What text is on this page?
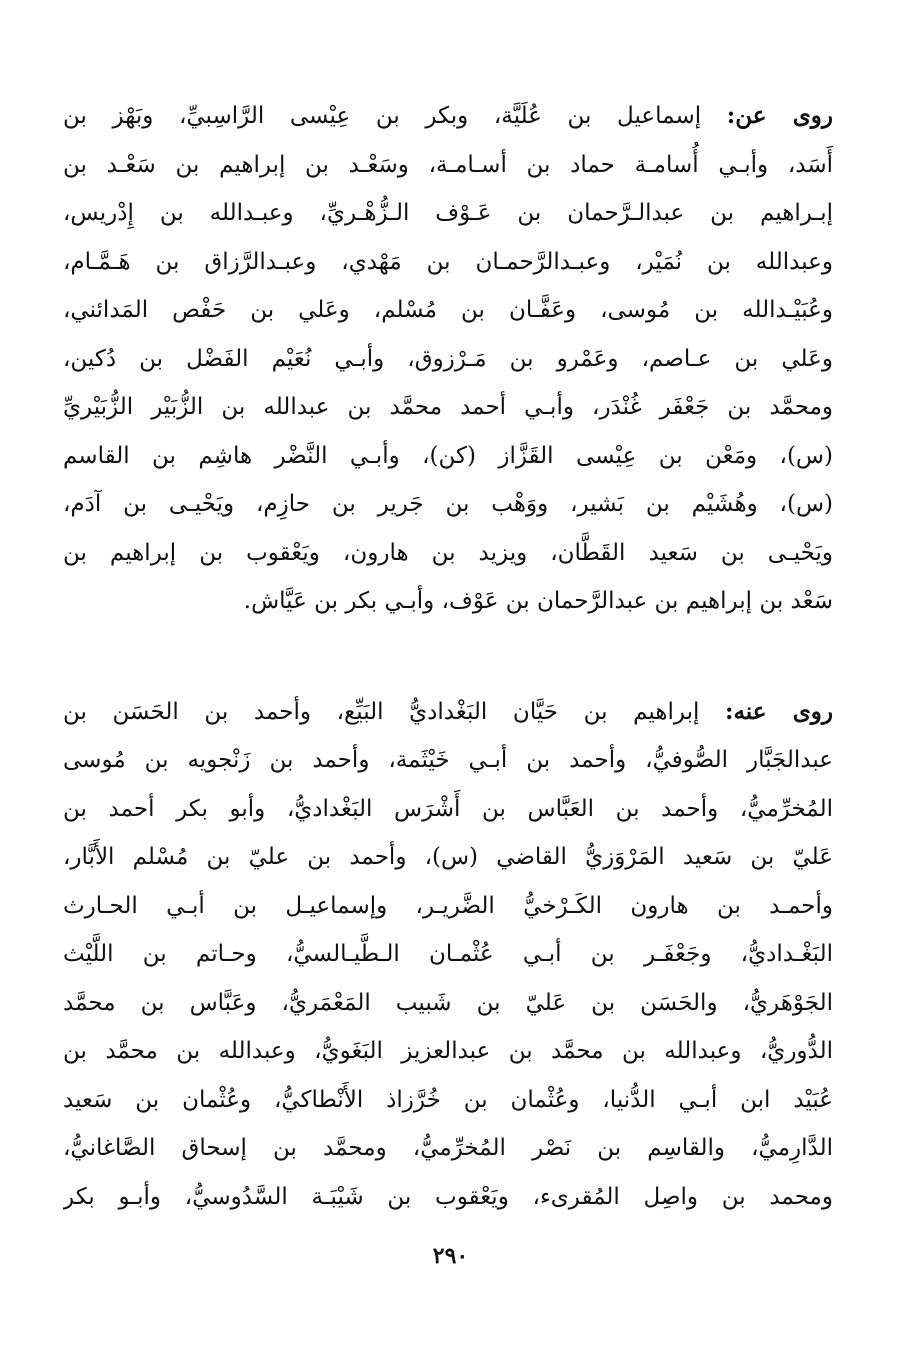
روى عن: إسماعيل بن عُلَيَّة، وبكر بن عِيْسى الرَّاسِبيِّ، وبَهْز بن
أَسَد، وأبـي أُسامـة حماد بن أسـامـة، وسَعْـد بن إبراهيم بن سَعْـد بن
إبـراهيم بن عبدالـرَّحمان بن عَـوْف الـزُّهْـريِّ، وعبـدالله بن إِدْريس،
وعبدالله بن نُمَيْر، وعبـدالرَّحمـان بن مَهْدي، وعبـدالرَّزاق بن هَـمَّـام،
وعُبَيْـدالله بن مُوسى، وعَفَّـان بن مُسْلم، وعَلي بن حَفْص المَدائني،
وعَلي بن عـاصم، وعَمْرو بن مَـرْزوق، وأبـي نُعَيْم الفَضْل بن دُكين،
ومحمَّد بن جَعْفَر غُنْدَر، وأبـي أحمد محمَّد بن عبدالله بن الزُّبَيْر الزُّبَيْريِّ
(س)، ومَعْن بن عِيْسى القَزَّاز (كن)، وأبـي النَّضْر هاشِم بن القاسم
(س)، وهُشَيْم بن بَشير، ووَهْب بن جَرير بن حازِم، ويَحْيـى بن آدَم،
ويَحْيـى بن سَعيد القَطَّان، ويزيد بن هارون، ويَعْقوب بن إبراهيم بن
سَعْد بن إبراهيم بن عبدالرَّحمان بن عَوْف، وأبـي بكر بن عَيَّاش.
روى عنه: إبراهيم بن حَيَّان البَغْداديُّ البَيِّع، وأحمد بن الحَسَن بن
عبدالجَبَّار الصُّوفيُّ، وأحمد بن أبـي خَيْثَمة، وأحمد بن زَنْجويه بن مُوسى
المُخرِّميُّ، وأحمد بن العَبَّاس بن أَشْرَس البَغْداديُّ، وأبو بكر أحمد بن
عَليّ بن سَعيد المَرْوَزيُّ القاضي (س)، وأحمد بن عليّ بن مُسْلم الأَبَّار،
وأحمـد بن هارون الكَـرْخيُّ الضَّريـر، وإسماعيـل بن أبـي الحـارث
البَغْـداديُّ، وجَعْفَـر بن أبـي عُثْمـان الـطَّيـالسيُّ، وحـاتم بن اللَّيْث
الجَوْهَريُّ، والحَسَن بن عَليّ بن شَبيب المَعْمَريُّ، وعَبَّاس بن محمَّد
الدُّوريُّ، وعبدالله بن محمَّد بن عبدالعزيز البَغَويُّ، وعبدالله بن محمَّد بن
عُبَيْد ابن أبـي الدُّنيا، وعُثْمان بن خُرَّزاذ الأَنْطاكيُّ، وعُثْمان بن سَعيد
الدَّارِميُّ، والقاسِم بن نَصْر المُخرِّميُّ، ومحمَّد بن إسحاق الصَّاغانيُّ،
ومحمد بن واصِل المُقرىء، ويَعْقوب بن شَيْبَـة السَّدُوسيُّ، وأبـو بكر
٢٩٠
